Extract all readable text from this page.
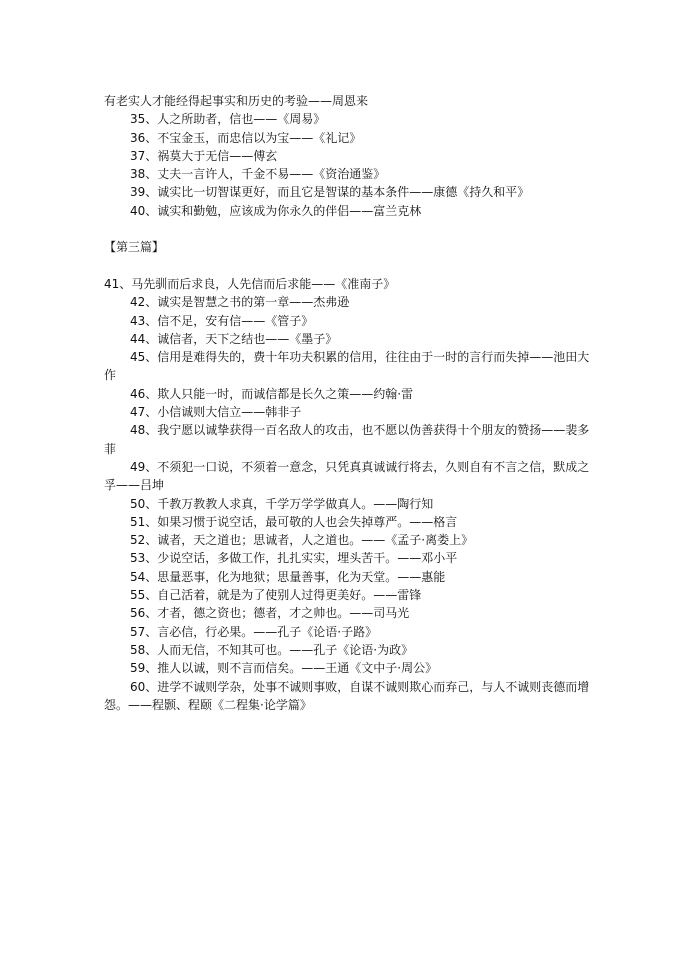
有老实人才能经得起事实和历史的考验——周恩来

35、人之所助者，信也——《周易》

36、不宝金玉，而忠信以为宝——《礼记》

37、祸莫大于无信——傅玄

38、丈夫一言许人，千金不易——《资治通鉴》

39、诚实比一切智谋更好，而且它是智谋的基本条件——康德《持久和平》

40、诚实和勤勉，应该成为你永久的伴侣——富兰克林

【第三篇】

41、马先驯而后求良，人先信而后求能——《准南子》

42、诚实是智慧之书的第一章——杰弗逊

43、信不足，安有信——《管子》

44、诚信者，天下之结也——《墨子》

45、信用是难得失的，费十年功夫积累的信用，往往由于一时的言行而失掉——池田大作

46、欺人只能一时，而诚信都是长久之策——约翰·雷

47、小信诚则大信立——韩非子

48、我宁愿以诚挚获得一百名敌人的攻击，也不愿以伪善获得十个朋友的赞扬——裴多菲

49、不须犯一口说，不须着一意念，只凭真真诚诚行将去，久则自有不言之信，默成之孚——吕坤

50、千教万教教人求真，千学万学学做真人。——陶行知

51、如果习惯于说空话，最可敬的人也会失掉尊严。——格言

52、诚者，天之道也；思诚者，人之道也。——《孟子·离娄上》

53、少说空话，多做工作，扎扎实实，埋头苦干。——邓小平

54、思量恶事，化为地狱；思量善事，化为天堂。——惠能

55、自己活着，就是为了使别人过得更美好。——雷锋

56、才者，德之资也；德者，才之帅也。——司马光

57、言必信，行必果。——孔子《论语·子路》

58、人而无信，不知其可也。——孔子《论语·为政》

59、推人以诚，则不言而信矣。——王通《文中子·周公》

60、进学不诚则学杂，处事不诚则事败，自谋不诚则欺心而弃己，与人不诚则丧德而增怨。——程颢、程颐《二程集·论学篇》
